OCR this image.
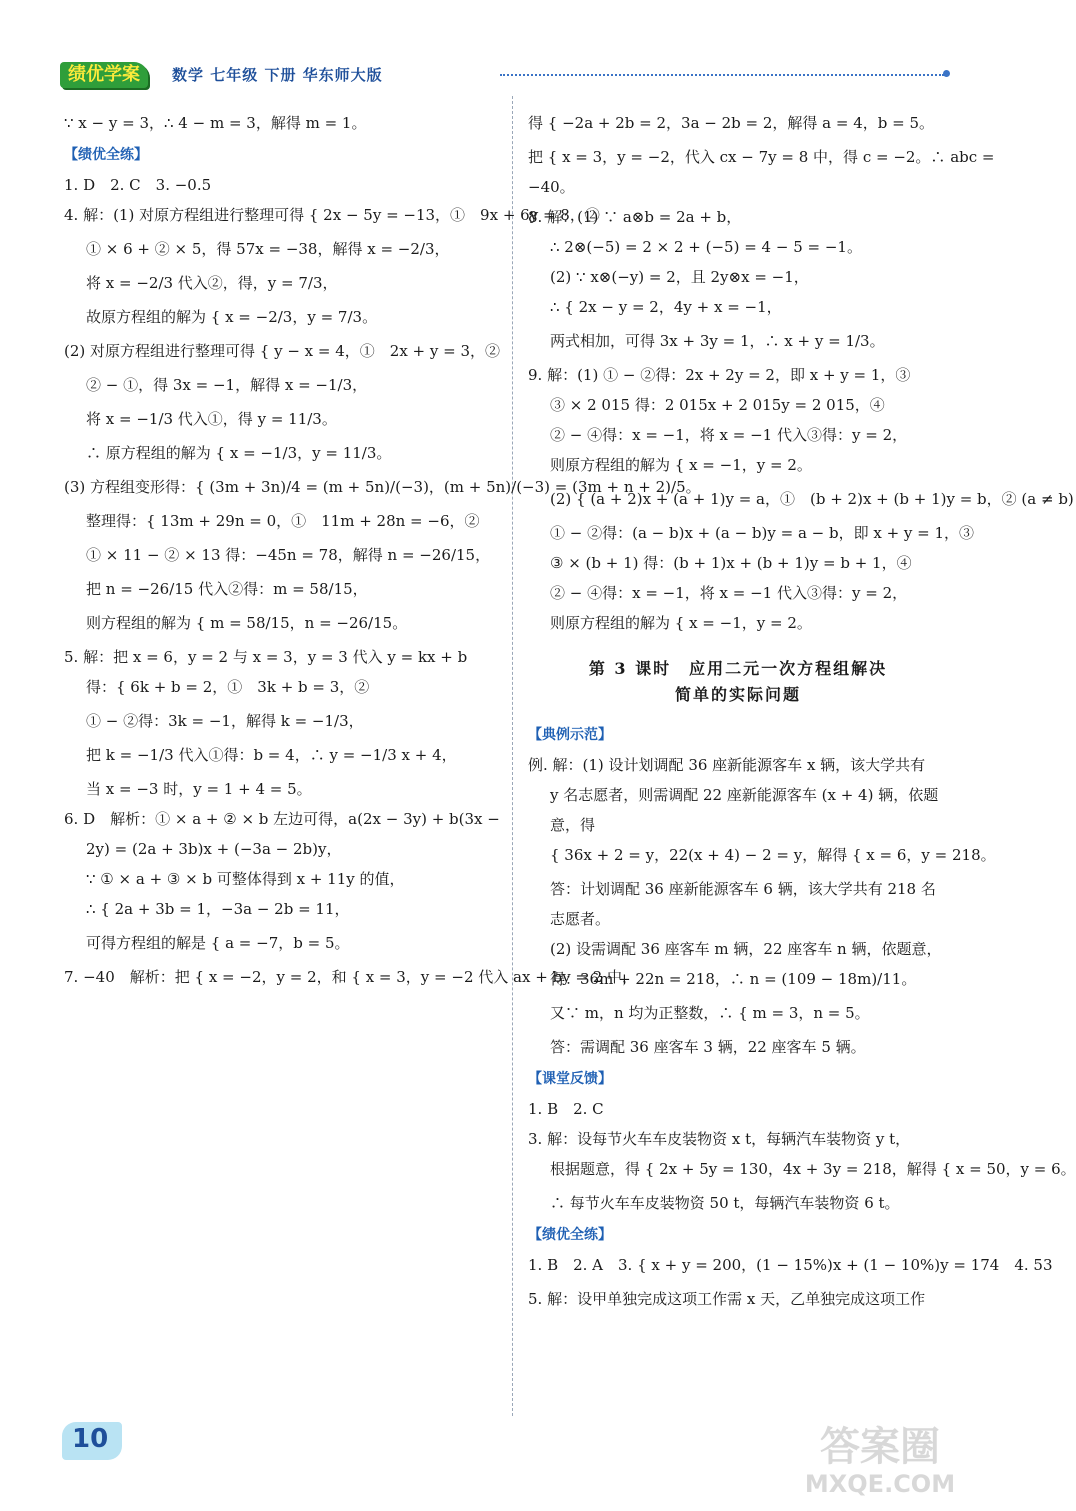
绩优学案	数学 七年级 下册 华东师大版
∵ x − y = 3，∴ 4 − m = 3，解得 m = 1。
【绩优全练】
1. D　2. C　3. −0.5
4. 解：(1) 对原方程组进行整理可得 { 2x − 5y = −13，①　9x + 6y = 8，②
① × 6 + ② × 5，得 57x = −38，解得 x = −2/3，
将 x = −2/3 代入②，得，y = 7/3，
故原方程组的解为 { x = −2/3，y = 7/3。
(2) 对原方程组进行整理可得 { y − x = 4，①　2x + y = 3，②
② − ①，得 3x = −1，解得 x = −1/3，
将 x = −1/3 代入①，得 y = 11/3。
∴ 原方程组的解为 { x = −1/3，y = 11/3。
(3) 方程组变形得：{ (3m + 3n)/4 = (m + 5n)/(−3)，(m + 5n)/(−3) = (3m + n + 2)/5。
整理得：{ 13m + 29n = 0，①　11m + 28n = −6，②
① × 11 − ② × 13 得：−45n = 78，解得 n = −26/15，
把 n = −26/15 代入②得：m = 58/15，
则方程组的解为 { m = 58/15，n = −26/15。
5. 解：把 x = 6，y = 2 与 x = 3，y = 3 代入 y = kx + b
得：{ 6k + b = 2，①　3k + b = 3，②
① − ②得：3k = −1，解得 k = −1/3，
把 k = −1/3 代入①得：b = 4，∴ y = −1/3 x + 4，
当 x = −3 时，y = 1 + 4 = 5。
6. D　解析：① × a + ② × b 左边可得，a(2x − 3y) + b(3x −
2y) = (2a + 3b)x + (−3a − 2b)y，
∵ ① × a + ③ × b 可整体得到 x + 11y 的值，
∴ { 2a + 3b = 1，−3a − 2b = 11，
可得方程组的解是 { a = −7，b = 5。
7. −40　解析：把 { x = −2，y = 2，和 { x = 3，y = −2 代入 ax + by = 2 中，
得 { −2a + 2b = 2，3a − 2b = 2，解得 a = 4，b = 5。
把 { x = 3，y = −2，代入 cx − 7y = 8 中，得 c = −2。∴ abc =
−40。
8. 解：(1) ∵ a⊗b = 2a + b，
∴ 2⊗(−5) = 2 × 2 + (−5) = 4 − 5 = −1。
(2) ∵ x⊗(−y) = 2，且 2y⊗x = −1，
∴ { 2x − y = 2，4y + x = −1，
两式相加，可得 3x + 3y = 1，∴ x + y = 1/3。
9. 解：(1) ① − ②得：2x + 2y = 2，即 x + y = 1，③
③ × 2 015 得：2 015x + 2 015y = 2 015，④
② − ④得：x = −1，将 x = −1 代入③得：y = 2，
则原方程组的解为 { x = −1，y = 2。
(2) { (a + 2)x + (a + 1)y = a，①　(b + 2)x + (b + 1)y = b，② (a ≠ b)
① − ②得：(a − b)x + (a − b)y = a − b，即 x + y = 1，③
③ × (b + 1) 得：(b + 1)x + (b + 1)y = b + 1，④
② − ④得：x = −1，将 x = −1 代入③得：y = 2，
则原方程组的解为 { x = −1，y = 2。
第 3 课时　应用二元一次方程组解决
简单的实际问题
【典例示范】
例. 解：(1) 设计划调配 36 座新能源客车 x 辆，该大学共有
y 名志愿者，则需调配 22 座新能源客车 (x + 4) 辆，依题
意，得
{ 36x + 2 = y，22(x + 4) − 2 = y，解得 { x = 6，y = 218。
答：计划调配 36 座新能源客车 6 辆，该大学共有 218 名
志愿者。
(2) 设需调配 36 座客车 m 辆，22 座客车 n 辆，依题意，
得：36m + 22n = 218，∴ n = (109 − 18m)/11。
又∵ m，n 均为正整数，∴ { m = 3，n = 5。
答：需调配 36 座客车 3 辆，22 座客车 5 辆。
【课堂反馈】
1. B　2. C
3. 解：设每节火车车皮装物资 x t，每辆汽车装物资 y t，
根据题意，得 { 2x + 5y = 130，4x + 3y = 218，解得 { x = 50，y = 6。
∴ 每节火车车皮装物资 50 t，每辆汽车装物资 6 t。
【绩优全练】
1. B　2. A　3. { x + y = 200，(1 − 15%)x + (1 − 10%)y = 174　4. 53
5. 解：设甲单独完成这项工作需 x 天，乙单独完成这项工作
10	答案圈
MXQE.COM
